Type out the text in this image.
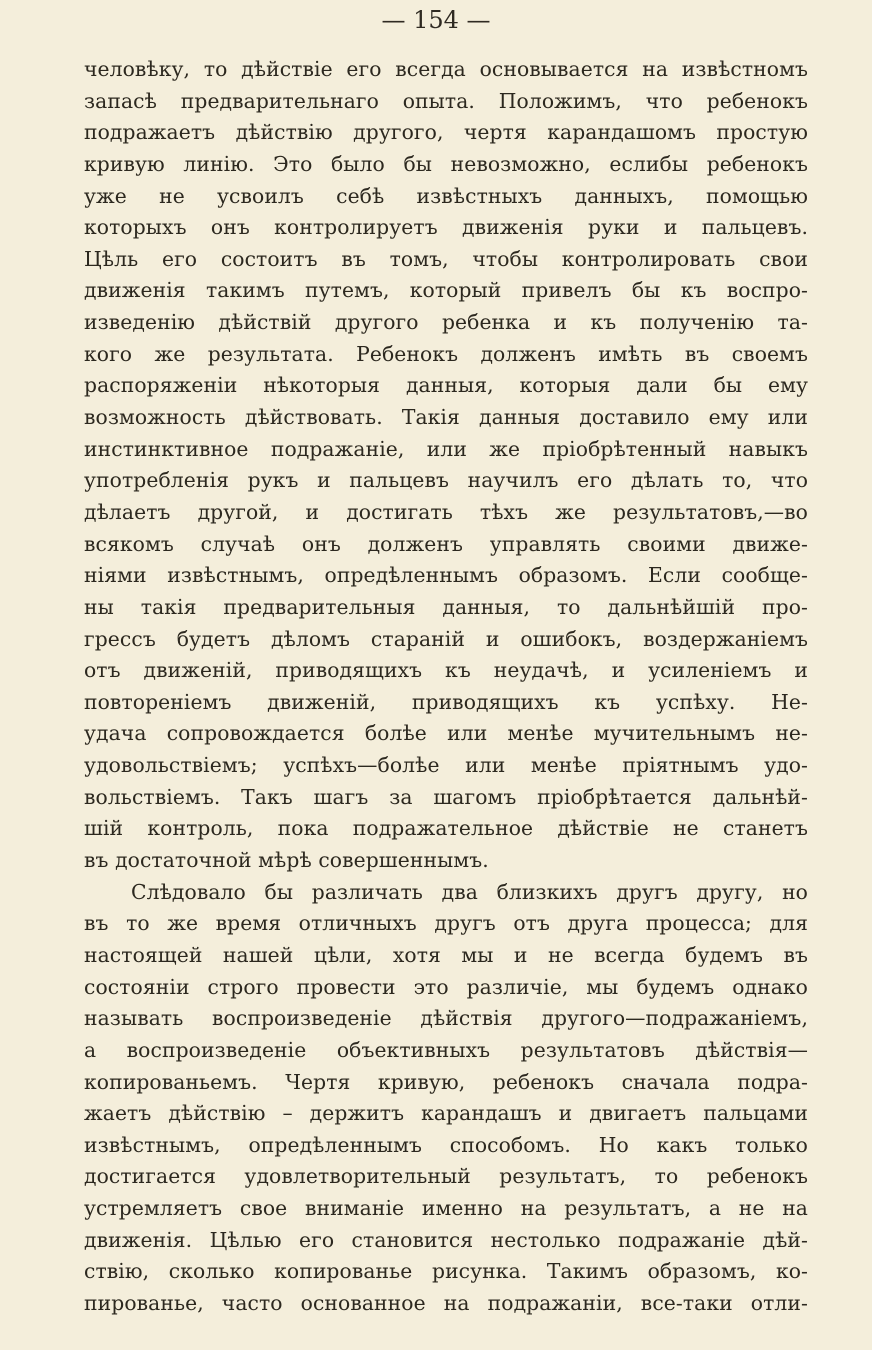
— 154 —
человѣку, то дѣйствіе его всегда основывается на извѣстномъ
запасѣ предварительнаго опыта. Положимъ, что ребенокъ
подражаетъ дѣйствію другого, чертя карандашомъ простую
кривую линію. Это было бы невозможно, еслибы ребенокъ
уже не усвоилъ себѣ извѣстныхъ данныхъ, помощью
которыхъ онъ контролируетъ движенія руки и пальцевъ.
Цѣль его состоитъ въ томъ, чтобы контролировать свои
движенія такимъ путемъ, который привелъ бы къ воспро-
изведенію дѣйствій другого ребенка и къ полученію та-
кого же результата. Ребенокъ долженъ имѣть въ своемъ
распоряженіи нѣкоторыя данныя, которыя дали бы ему
возможность дѣйствовать. Такія данныя доставило ему или
инстинктивное подражаніе, или же пріобрѣтенный навыкъ
употребленія рукъ и пальцевъ научилъ его дѣлать то, что
дѣлаетъ другой, и достигать тѣхъ же результатовъ,—во
всякомъ случаѣ онъ долженъ управлять своими движе-
ніями извѣстнымъ, опредѣленнымъ образомъ. Если сообще-
ны такія предварительныя данныя, то дальнѣйшій про-
грессъ будетъ дѣломъ стараній и ошибокъ, воздержаніемъ
отъ движеній, приводящихъ къ неудачѣ, и усиленіемъ и
повтореніемъ движеній, приводящихъ къ успѣху. Не-
удача сопровождается болѣе или менѣе мучительнымъ не-
удовольствіемъ; успѣхъ—болѣе или менѣе пріятнымъ удо-
вольствіемъ. Такъ шагъ за шагомъ пріобрѣтается дальнѣй-
шій контроль, пока подражательное дѣйствіе не станетъ
въ достаточной мѣрѣ совершеннымъ.
Слѣдовало бы различать два близкихъ другъ другу, но
въ то же время отличныхъ другъ отъ друга процесса; для
настоящей нашей цѣли, хотя мы и не всегда будемъ въ
состояніи строго провести это различіе, мы будемъ однако
называть воспроизведеніе дѣйствія другого—подражаніемъ,
а воспроизведеніе объективныхъ результатовъ дѣйствія—
копированьемъ. Чертя кривую, ребенокъ сначала подра-
жаетъ дѣйствію – держитъ карандашъ и двигаетъ пальцами
извѣстнымъ, опредѣленнымъ способомъ. Но какъ только
достигается удовлетворительный результатъ, то ребенокъ
устремляетъ свое вниманіе именно на результатъ, а не на
движенія. Цѣлью его становится нестолько подражаніе дѣй-
ствію, сколько копированье рисунка. Такимъ образомъ, ко-
пированье, часто основанное на подражаніи, все-таки отли-
